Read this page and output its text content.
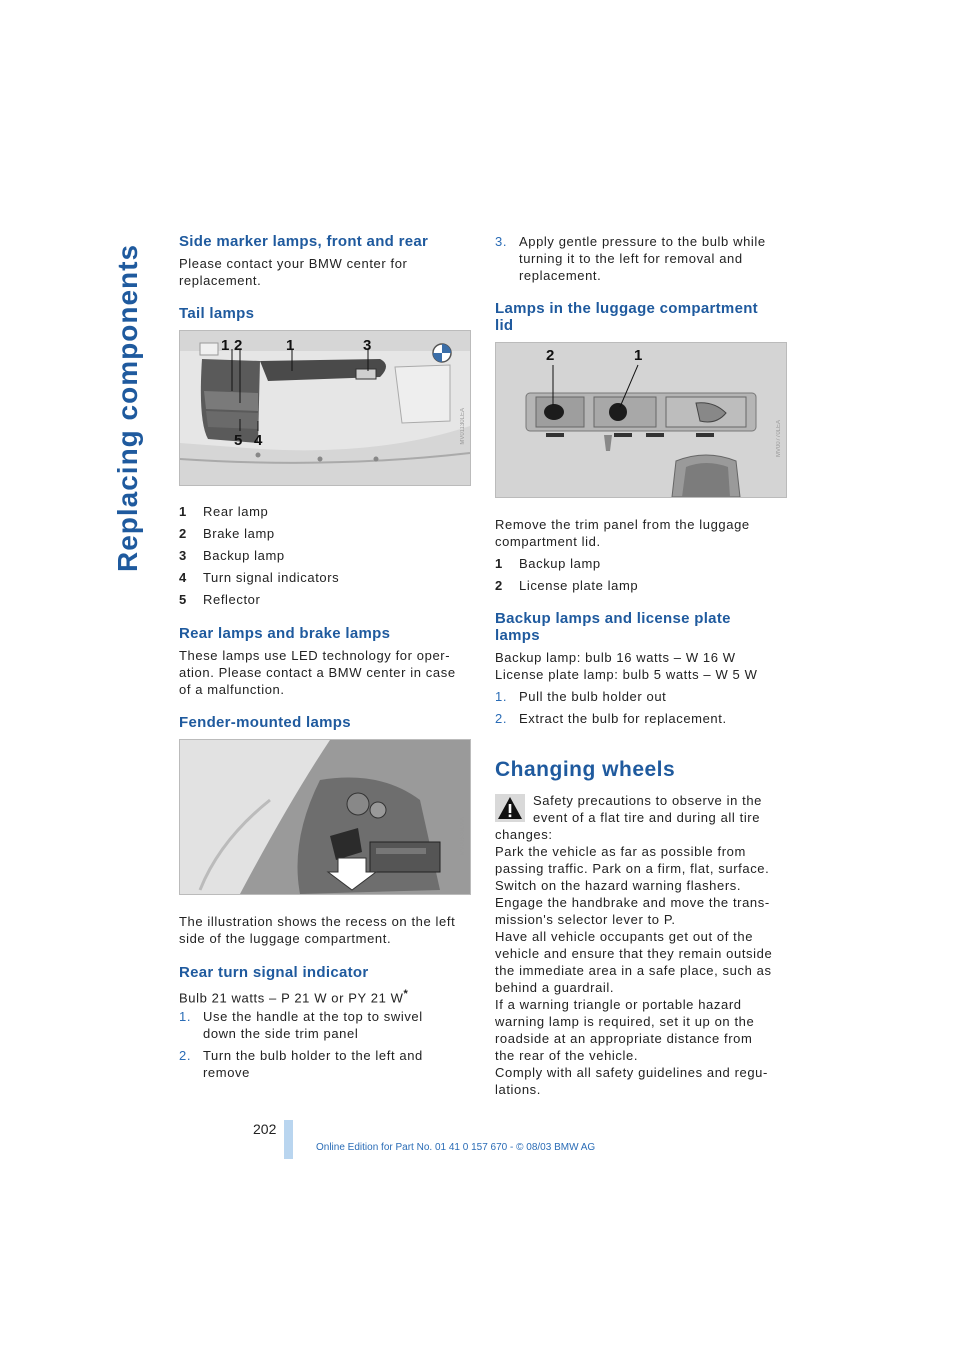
Replacing components
Side marker lamps, front and rear

Please contact your BMW center for replacement.

Tail lamps
1 2	1	3
5 4	MV01130LEA
1 Rear lamp
2 Brake lamp
3 Backup lamp
4 Turn signal indicators
5 Reflector
Rear lamps and brake lamps

These lamps use LED technology for oper-

ation. Please contact a BMW center in case

of a malfunction.

Fender-mounted lamps
MV00930OAA

The illustration shows the recess on the left

side of the luggage compartment.

Rear turn signal indicator

Bulb 21 watts – P 21 W or PY 21 W*

1. Use the handle at the top to swivel
down the side trim panel
2. Turn the bulb holder to the left and
remove
3. Apply gentle pressure to the bulb while
turning it to the left for removal and
replacement.
Lamps in the luggage compartment
lid
2	1
MV00770LEA

Remove the trim panel from the luggage

compartment lid.

1 Backup lamp
2 License plate lamp
Backup lamps and license plate
lamps

Backup lamp: bulb 16 watts – W 16 W

License plate lamp: bulb 5 watts – W 5 W

1. Pull the bulb holder out
2. Extract the bulb for replacement.
Changing wheels

Safety precautions to observe in the

event of a flat tire and during all tire

changes:

Park the vehicle as far as possible from

passing traffic. Park on a firm, flat, surface.

Switch on the hazard warning flashers.

Engage the handbrake and move the trans-

mission's selector lever to P.

Have all vehicle occupants get out of the

vehicle and ensure that they remain outside

the immediate area in a safe place, such as

behind a guardrail.

If a warning triangle or portable hazard

warning lamp is required, set it up on the

roadside at an appropriate distance from

the rear of the vehicle.

Comply with all safety guidelines and regu-

lations.

202
Online Edition for Part No. 01 41 0 157 670 - © 08/03 BMW AG
